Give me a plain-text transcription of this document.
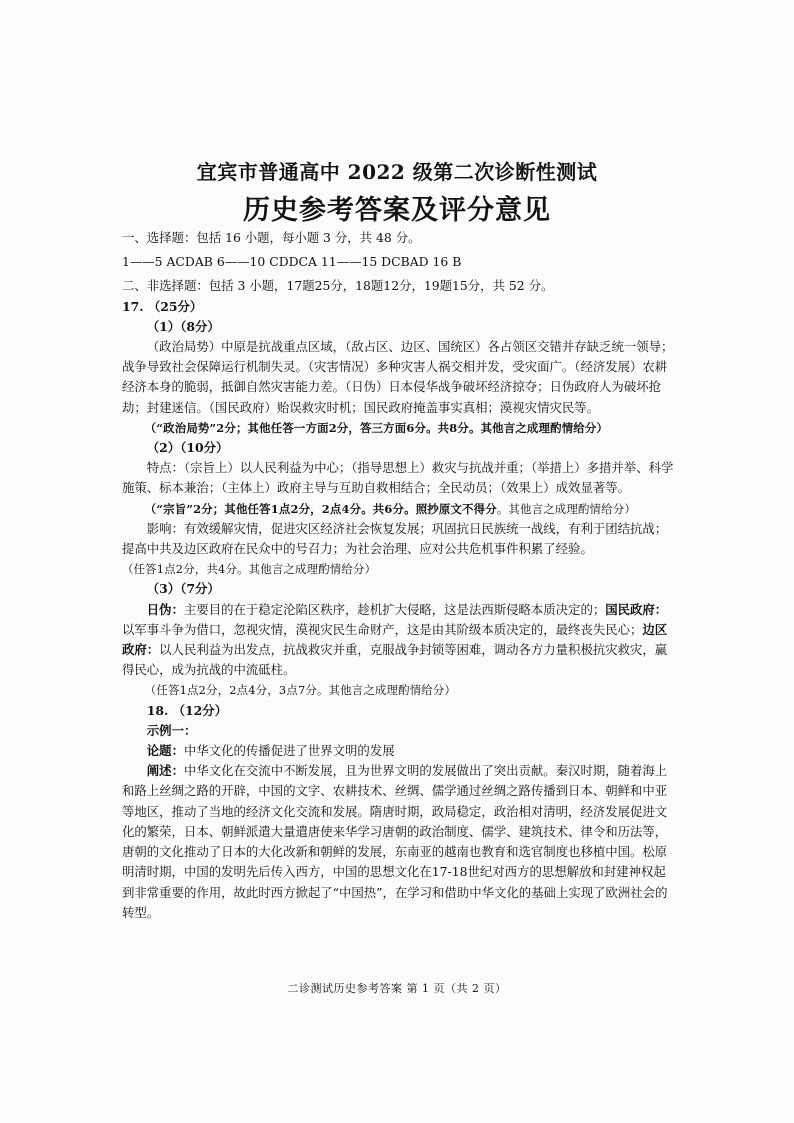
宜宾市普通高中 2022 级第二次诊断性测试
历史参考答案及评分意见

一、选择题：包括 16 小题，每小题 3 分，共 48 分。

1——5 ACDAB 6——10 CDDCA 11——15 DCBAD 16 B

二、非选择题：包括 3 小题，17题25分，18题12分，19题15分，共 52 分。

17. （25分）

（1）（8分）

（政治局势）中原是抗战重点区域，（敌占区、边区、国统区）各占领区交错并存缺乏统一领导；战争导致社会保障运行机制失灵。（灾害情况）多种灾害人祸交相并发，受灾面广。（经济发展）农耕经济本身的脆弱，抵御自然灾害能力差。（日伪）日本侵华战争破坏经济掠夺；日伪政府人为破坏抢劫；封建迷信。（国民政府）贻误救灾时机；国民政府掩盖事实真相；漠视灾情灾民等。

（“政治局势”2分；其他任答一方面2分，答三方面6分。共8分。其他言之成理酌情给分）

（2）（10分）

特点：（宗旨上）以人民利益为中心；（指导思想上）救灾与抗战并重；（举措上）多措并举、科学施策、标本兼治；（主体上）政府主导与互助自救相结合；全民动员；（效果上）成效显著等。

（“宗旨”2分；其他任答1点2分，2点4分。共6分。照抄原文不得分。其他言之成理酌情给分）

影响：有效缓解灾情，促进灾区经济社会恢复发展；巩固抗日民族统一战线，有利于团结抗战；提高中共及边区政府在民众中的号召力；为社会治理、应对公共危机事件积累了经验。

（任答1点2分，共4分。其他言之成理酌情给分）

（3）（7分）

日伪：主要目的在于稳定沦陷区秩序，趁机扩大侵略，这是法西斯侵略本质决定的；国民政府：以军事斗争为借口，忽视灾情，漠视灾民生命财产，这是由其阶级本质决定的，最终丧失民心；边区政府：以人民利益为出发点，抗战救灾并重，克服战争封锁等困难，调动各方力量积极抗灾救灾，赢得民心，成为抗战的中流砥柱。

（任答1点2分，2点4分，3点7分。其他言之成理酌情给分）

18. （12分）

示例一：

论题：中华文化的传播促进了世界文明的发展

阐述：中华文化在交流中不断发展，且为世界文明的发展做出了突出贡献。秦汉时期，随着海上和路上丝绸之路的开辟，中国的文字、农耕技术、丝绸、儒学通过丝绸之路传播到日本、朝鲜和中亚等地区，推动了当地的经济文化交流和发展。隋唐时期，政局稳定，政治相对清明，经济发展促进文化的繁荣，日本、朝鲜派遣大量遣唐使来华学习唐朝的政治制度、儒学、建筑技术、律令和历法等，唐朝的文化推动了日本的大化改新和朝鲜的发展，东南亚的越南也教育和选官制度也移植中国。松原明清时期，中国的发明先后传入西方，中国的思想文化在17-18世纪对西方的思想解放和封建神权起到非常重要的作用，故此时西方掀起了“中国热”，在学习和借助中华文化的基础上实现了欧洲社会的转型。

二诊测试历史参考答案 第 1 页（共 2 页）
